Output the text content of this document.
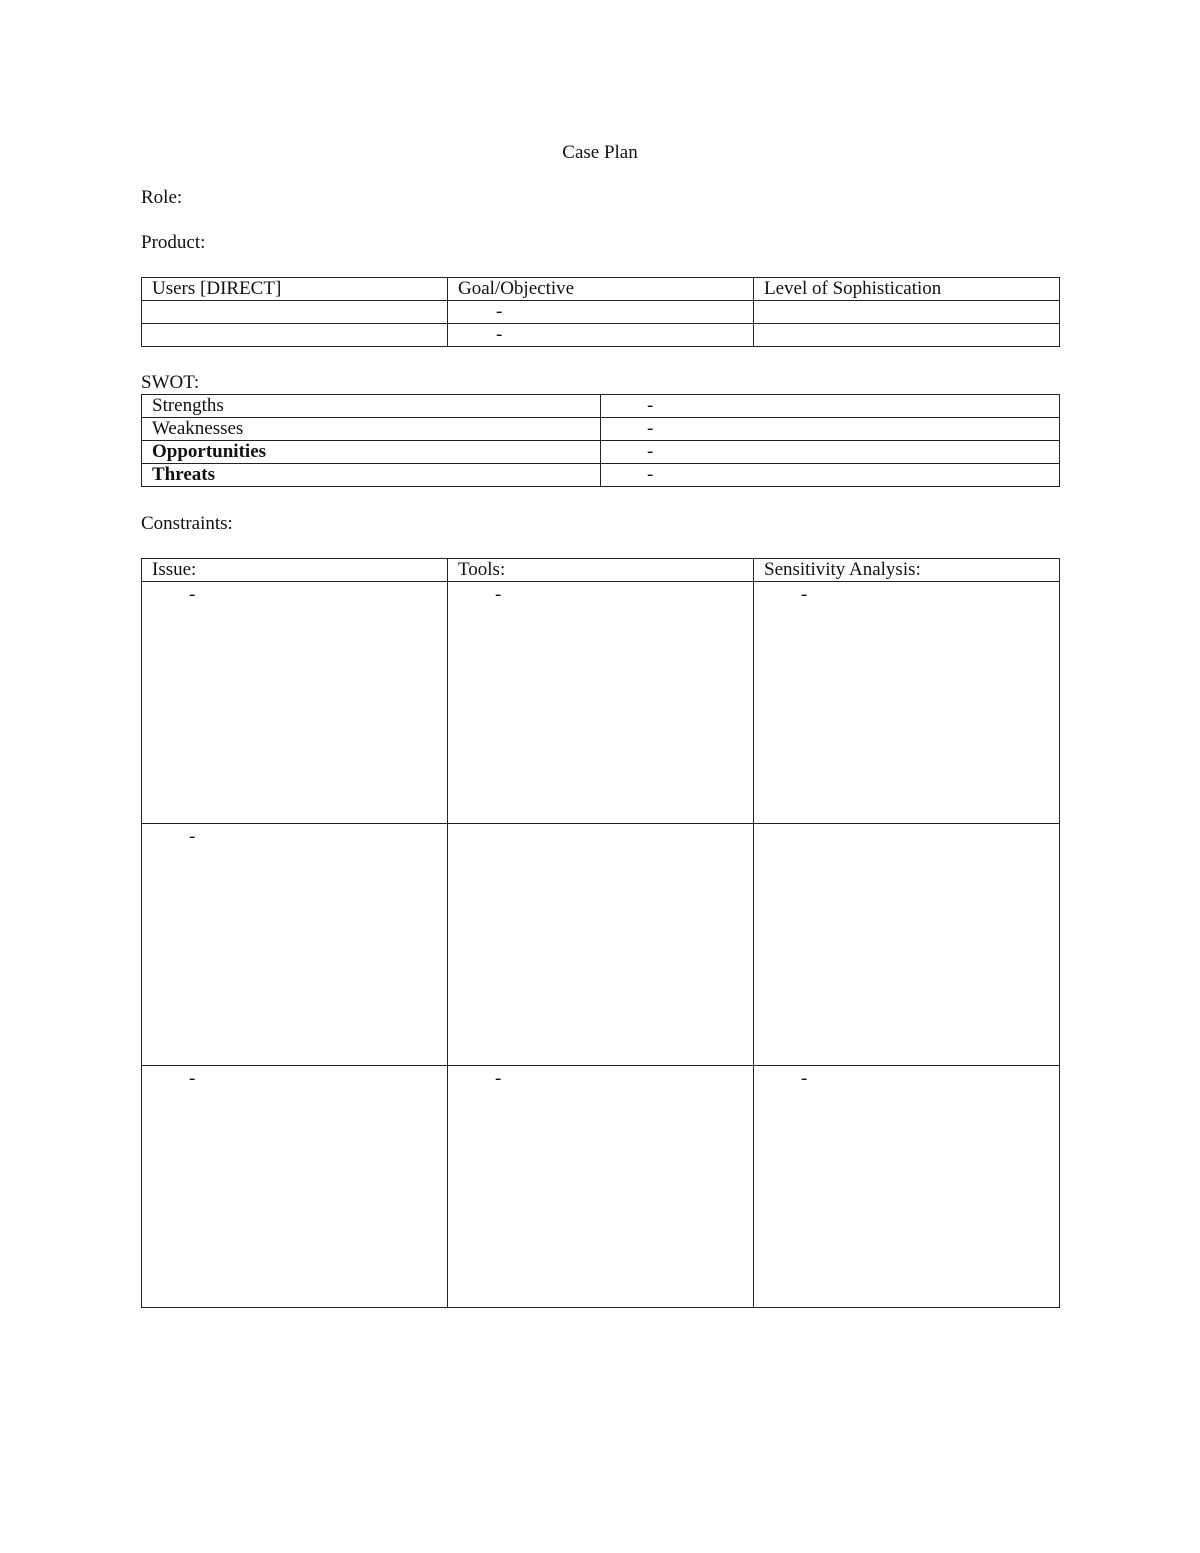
Case Plan
Role:
Product:
Users [DIRECT]	Goal/Objective	Level of Sophistication
	-	
	-	
SWOT:
Strengths	-
Weaknesses	-
Opportunities	-
Threats	-
Constraints:
Issue:	Tools:	Sensitivity Analysis:
-	-	-
-		
-	-	-
